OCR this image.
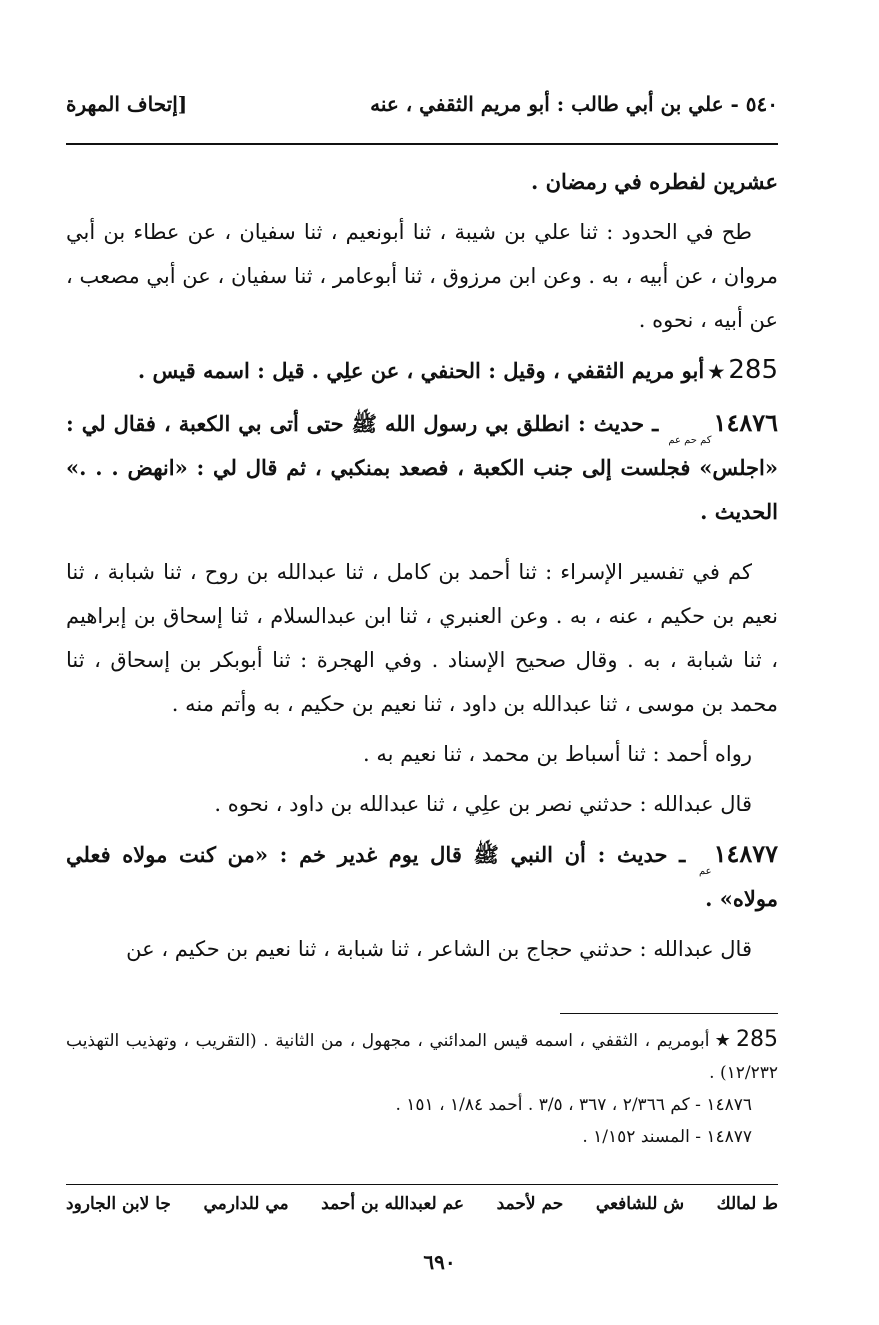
٥٤٠ - علي بن أبي طالب : أبو مريم الثقفي ، عنه
[إتحاف المهرة

عشرين لفطره في رمضان .

طح في الحدود : ثنا علي بن شيبة ، ثنا أبونعيم ، ثنا سفيان ، عن عطاء بن أبي مروان ، عن أبيه ، به . وعن ابن مرزوق ، ثنا أبوعامر ، ثنا سفيان ، عن أبي مصعب ، عن أبيه ، نحوه .

285★أبو مريم الثقفي ، وقيل : الحنفي ، عن علِي . قيل : اسمه قيس .

١٤٨٧٦كم حم عم ـ حديث : انطلق بي رسول الله ﷺ حتى أتى بي الكعبة ، فقال لي : «اجلس» فجلست إلى جنب الكعبة ، فصعد بمنكبي ، ثم قال لي : «انهض . . .» الحديث .

كم في تفسير الإسراء : ثنا أحمد بن كامل ، ثنا عبدالله بن روح ، ثنا شبابة ، ثنا نعيم بن حكيم ، عنه ، به . وعن العنبري ، ثنا ابن عبدالسلام ، ثنا إسحاق بن إبراهيم ، ثنا شبابة ، به . وقال صحيح الإسناد . وفي الهجرة : ثنا أبوبكر بن إسحاق ، ثنا محمد بن موسى ، ثنا عبدالله بن داود ، ثنا نعيم بن حكيم ، به وأتم منه .

رواه أحمد : ثنا أسباط بن محمد ، ثنا نعيم به .

قال عبدالله : حدثني نصر بن علِي ، ثنا عبدالله بن داود ، نحوه .

١٤٨٧٧عم ـ حديث : أن النبي ﷺ قال يوم غدير خم : «من كنت مولاه فعلي مولاه» .

قال عبدالله : حدثني حجاج بن الشاعر ، ثنا شبابة ، ثنا نعيم بن حكيم ، عن

285★أبومريم ، الثقفي ، اسمه قيس المدائني ، مجهول ، من الثانية . (التقريب ، وتهذيب التهذيب ١٢/٢٣٢) .

١٤٨٧٦ - كم ٢/٣٦٦ ، ٣٦٧ ، ٣/٥ . أحمد ١/٨٤ ، ١٥١ .

١٤٨٧٧ - المسند ١/١٥٢ .

ط لمالك
ش للشافعي
حم لأحمد
عم لعبدالله بن أحمد
مي للدارمي
جا لابن الجارود
٦٩٠
